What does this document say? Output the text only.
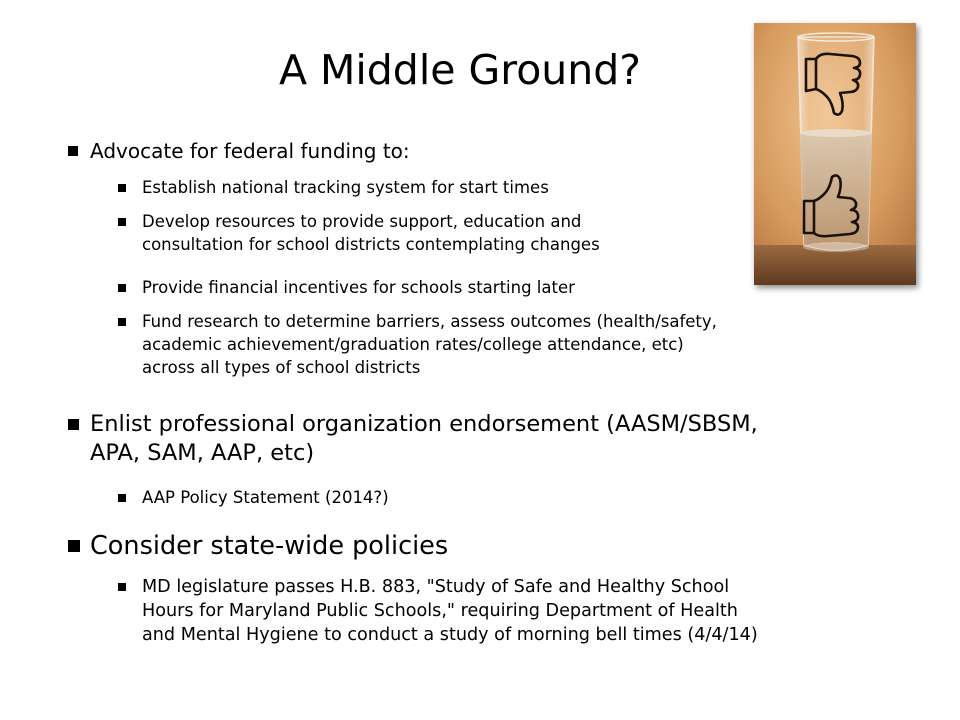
A Middle Ground?
Advocate for federal funding to:
Establish national tracking system for start times
Develop resources to provide support, education and
consultation for school districts contemplating changes
Provide financial incentives for schools starting later
Fund research to determine barriers, assess outcomes (health/safety,
academic achievement/graduation rates/college attendance, etc)
across all types of school districts
Enlist professional organization endorsement (AASM/SBSM,
APA, SAM, AAP, etc)
AAP Policy Statement (2014?)
Consider state-wide policies
MD legislature passes H.B. 883, "Study of Safe and Healthy School
Hours for Maryland Public Schools," requiring Department of Health
and Mental Hygiene to conduct a study of morning bell times (4/4/14)
